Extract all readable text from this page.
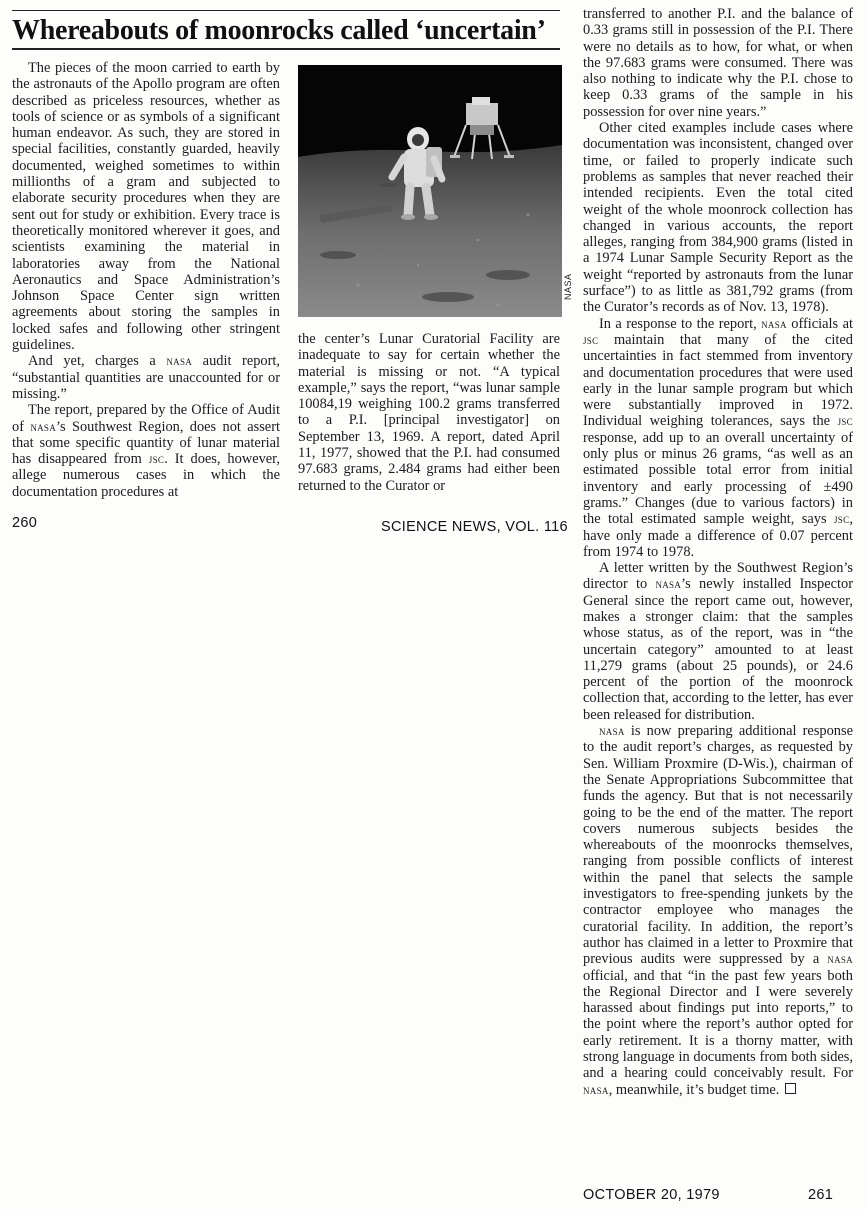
Whereabouts of moonrocks called ‘uncertain’

The pieces of the moon carried to earth by the astronauts of the Apollo program are often described as priceless resources, whether as tools of science or as symbols of a significant human endeavor. As such, they are stored in special facilities, constantly guarded, heavily documented, weighed sometimes to within millionths of a gram and subjected to elaborate security procedures when they are sent out for study or exhibition. Every trace is theoretically monitored wherever it goes, and scientists examining the material in laboratories away from the National Aeronautics and Space Administration’s Johnson Space Center sign written agreements about storing the samples in locked safes and following other stringent guidelines.

And yet, charges a nasa audit report, “substantial quantities are unaccounted for or missing.”

The report, prepared by the Office of Audit of nasa’s Southwest Region, does not assert that some specific quantity of lunar material has disappeared from jsc. It does, however, allege numerous cases in which the documentation procedures at

NASA

the center’s Lunar Curatorial Facility are inadequate to say for certain whether the material is missing or not. “A typical example,” says the report, “was lunar sample 10084,19 weighing 100.2 grams transferred to a P.I. [principal investigator] on September 13, 1969. A report, dated April 11, 1977, showed that the P.I. had consumed 97.683 grams, 2.484 grams had either been returned to the Curator or

transferred to another P.I. and the balance of 0.33 grams still in possession of the P.I. There were no details as to how, for what, or when the 97.683 grams were consumed. There was also nothing to indicate why the P.I. chose to keep 0.33 grams of the sample in his possession for over nine years.”

Other cited examples include cases where documentation was inconsistent, changed over time, or failed to properly indicate such problems as samples that never reached their intended recipients. Even the total cited weight of the whole moonrock collection has changed in various accounts, the report alleges, ranging from 384,900 grams (listed in a 1974 Lunar Sample Security Report as the weight “reported by astronauts from the lunar surface”) to as little as 381,792 grams (from the Curator’s records as of Nov. 13, 1978).

In a response to the report, nasa officials at jsc maintain that many of the cited uncertainties in fact stemmed from inventory and documentation procedures that were used early in the lunar sample program but which were substantially improved in 1972. Individual weighing tolerances, says the jsc response, add up to an overall uncertainty of only plus or minus 26 grams, “as well as an estimated possible total error from initial inventory and early processing of ±490 grams.” Changes (due to various factors) in the total estimated sample weight, says jsc, have only made a difference of 0.07 percent from 1974 to 1978.

A letter written by the Southwest Region’s director to nasa’s newly installed Inspector General since the report came out, however, makes a stronger claim: that the samples whose status, as of the report, was in “the uncertain category” amounted to at least 11,279 grams (about 25 pounds), or 24.6 percent of the portion of the moonrock collection that, according to the letter, has ever been released for distribution.

nasa is now preparing additional response to the audit report’s charges, as requested by Sen. William Proxmire (D-Wis.), chairman of the Senate Appropriations Subcommittee that funds the agency. But that is not necessarily going to be the end of the matter. The report covers numerous subjects besides the whereabouts of the moonrocks themselves, ranging from possible conflicts of interest within the panel that selects the sample investigators to free-spending junkets by the contractor employee who manages the curatorial facility. In addition, the report’s author has claimed in a letter to Proxmire that previous audits were suppressed by a nasa official, and that “in the past few years both the Regional Director and I were severely harassed about findings put into reports,” to the point where the report’s author opted for early retirement. It is a thorny matter, with strong language in documents from both sides, and a hearing could conceivably result. For nasa, meanwhile, it’s budget time.

260	SCIENCE NEWS, VOL. 116
OCTOBER 20, 1979	261
